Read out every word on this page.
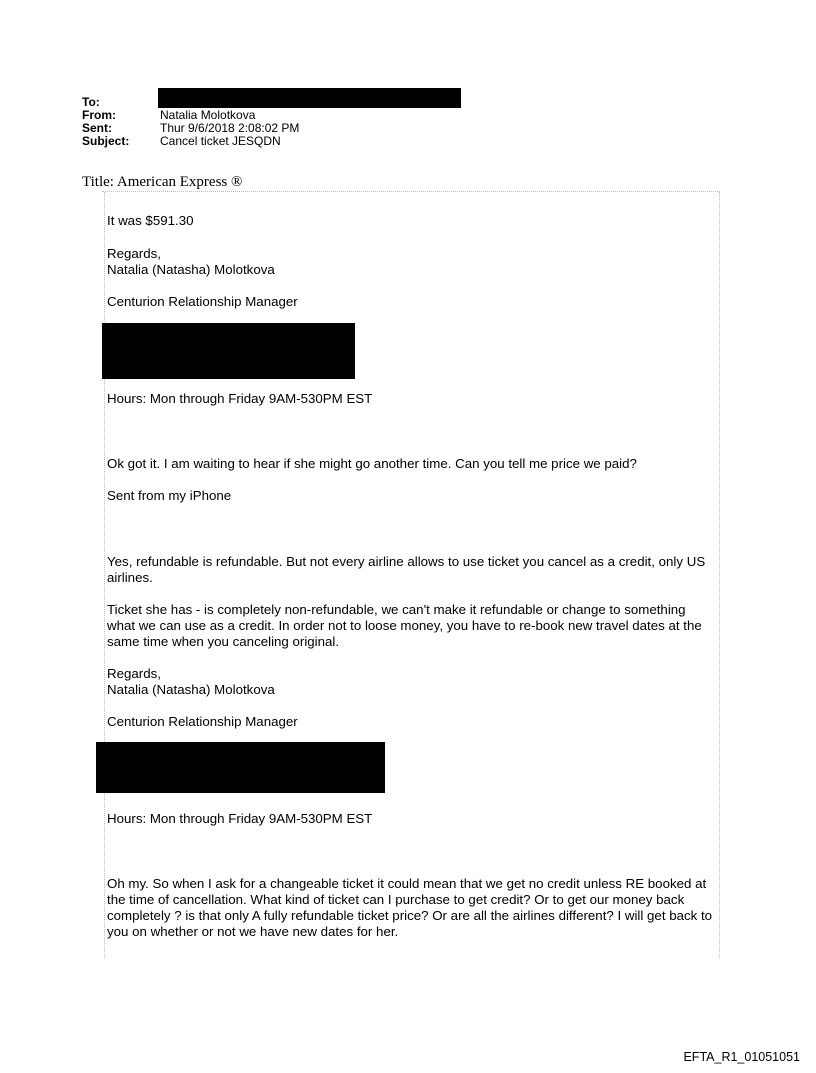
To:
From:	Natalia Molotkova
Sent:	Thur 9/6/2018 2:08:02 PM
Subject:	Cancel ticket JESQDN
Title: American Express ®
It was $591.30
Regards,
Natalia (Natasha) Molotkova
Centurion Relationship Manager
Hours: Mon through Friday 9AM-530PM EST
Ok got it. I am waiting to hear if she might go another time. Can you tell me price we paid?
Sent from my iPhone
Yes, refundable is refundable. But not every airline allows to use ticket you cancel as a credit, only US airlines.
Ticket she has - is completely non-refundable, we can't make it refundable or change to something what we can use as a credit. In order not to loose money, you have to re-book new travel dates at the same time when you canceling original.
Regards,
Natalia (Natasha) Molotkova
Centurion Relationship Manager
Hours: Mon through Friday 9AM-530PM EST
Oh my. So when I ask for a changeable ticket it could mean that we get no credit unless RE booked at the time of cancellation. What kind of ticket can I purchase to get credit? Or to get our money back completely ? is that only A fully refundable ticket price? Or are all the airlines different? I will get back to you on whether or not we have new dates for her.
EFTA_R1_01051051
